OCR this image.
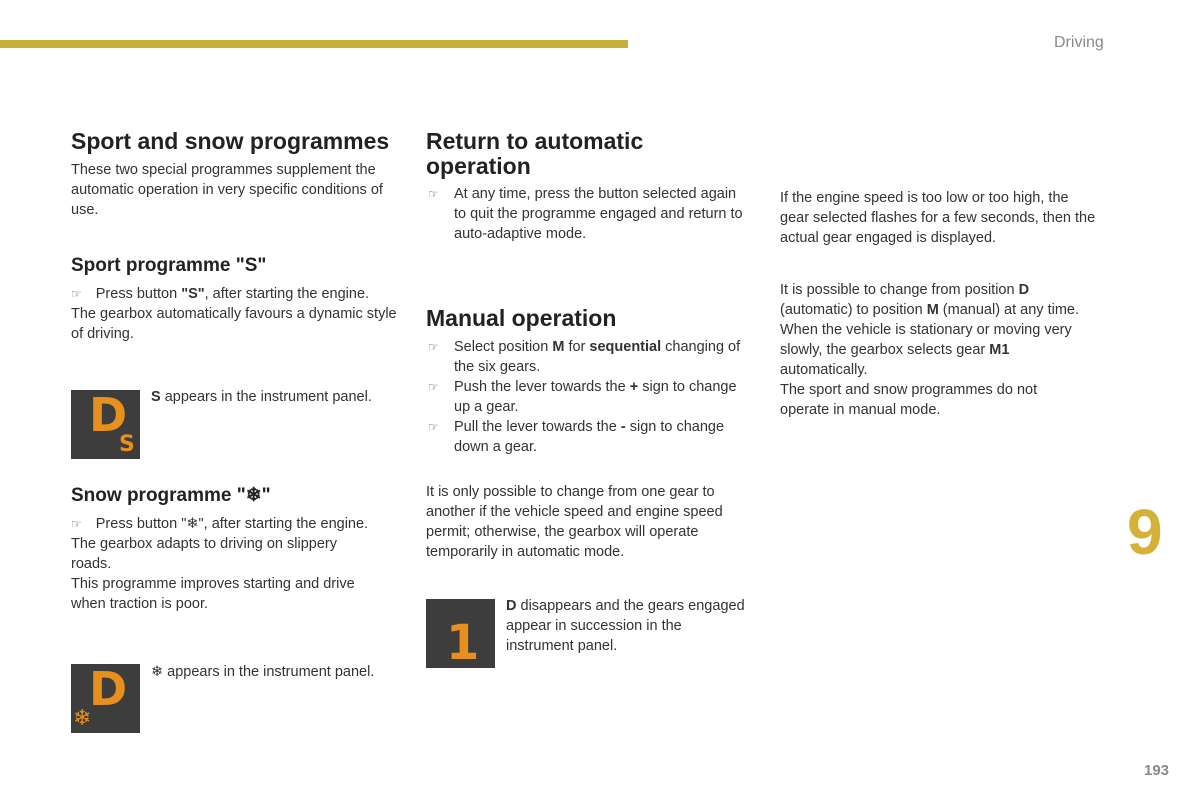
Driving
9
193
Sport and snow programmes

These two special programmes supplement the automatic operation in very specific conditions of use.

Sport programme "S"

☞ Press button "S", after starting the engine.

The gearbox automatically favours a dynamic style of driving.

D
S

S appears in the instrument panel.

Snow programme "❄"

☞ Press button "❄", after starting the engine.

The gearbox adapts to driving on slippery roads.

This programme improves starting and drive when traction is poor.

D
❄

❄ appears in the instrument panel.

Return to automatic operation

☞ At any time, press the button selected again to quit the programme engaged and return to auto-adaptive mode.

Manual operation

☞ Select position M for sequential changing of the six gears.

☞ Push the lever towards the + sign to change up a gear.

☞ Pull the lever towards the - sign to change down a gear.

It is only possible to change from one gear to another if the vehicle speed and engine speed permit; otherwise, the gearbox will operate temporarily in automatic mode.

1

D disappears and the gears engaged appear in succession in the instrument panel.

If the engine speed is too low or too high, the gear selected flashes for a few seconds, then the actual gear engaged is displayed.

It is possible to change from position D (automatic) to position M (manual) at any time. When the vehicle is stationary or moving very slowly, the gearbox selects gear M1 automatically.

The sport and snow programmes do not operate in manual mode.
